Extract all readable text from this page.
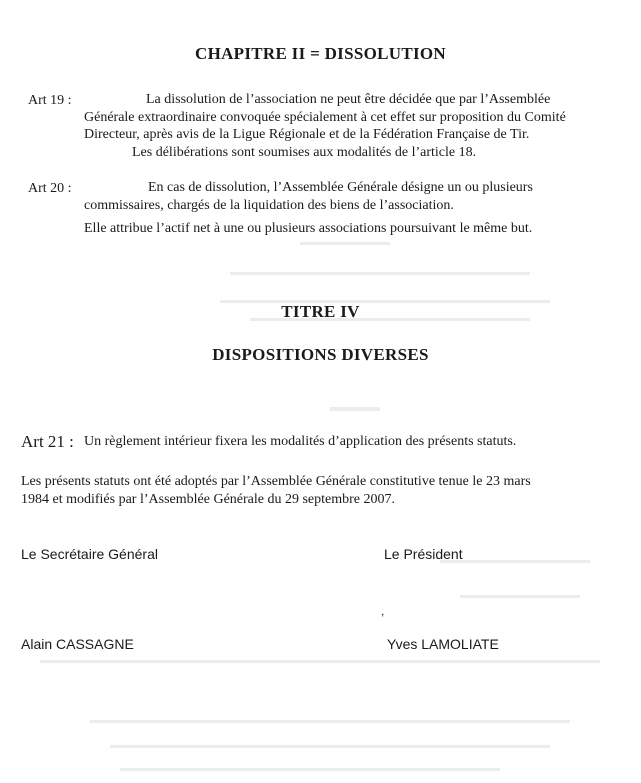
CHAPITRE II = DISSOLUTION
Art 19 :	La dissolution de l’association ne peut être décidée que par l’Assemblée
Générale extraordinaire convoquée spécialement à cet effet sur proposition du Comité
Directeur, après avis de la Ligue Régionale et de la Fédération Française de Tir.
Les délibérations sont soumises aux modalités de l’article 18.
Art 20 :	En cas de dissolution, l’Assemblée Générale désigne un ou plusieurs
commissaires, chargés de la liquidation des biens de l’association.
Elle attribue l’actif net à une ou plusieurs associations poursuivant le même but.
TITRE IV
DISPOSITIONS DIVERSES
Art 21 : Un règlement intérieur fixera les modalités d’application des présents statuts.
Les présents statuts ont été adoptés par l’Assemblée Générale constitutive tenue le 23 mars
1984 et modifiés par l’Assemblée Générale du 29 septembre 2007.
Le Secrétaire Général	Le Président
,
Alain CASSAGNE	Yves LAMOLIATE
